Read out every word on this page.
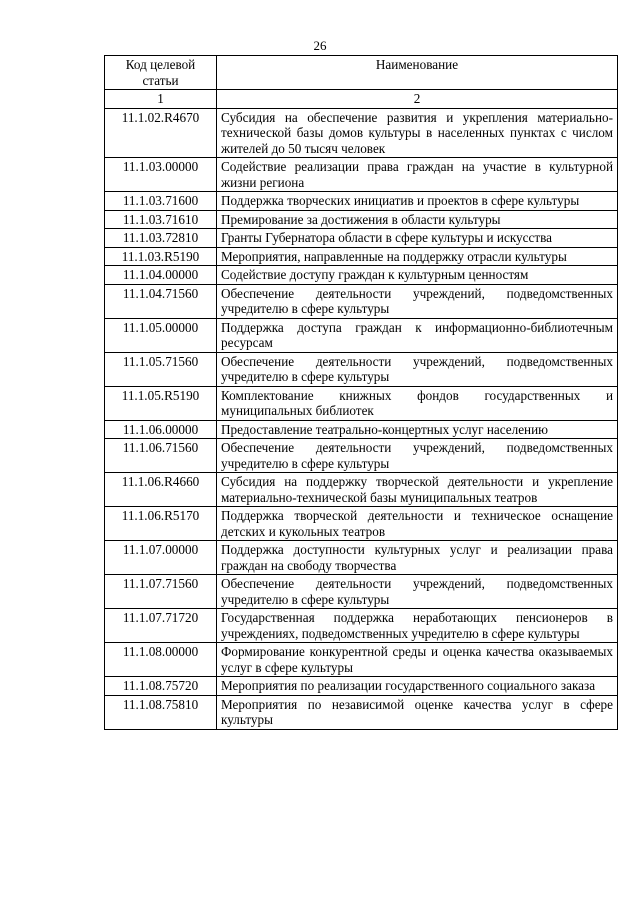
26
Код целевой статьи	Наименование
1	2
11.1.02.R4670	Субсидия на обеспечение развития и укрепления материально-технической базы домов культуры в населенных пунктах с числом жителей до 50 тысяч человек
11.1.03.00000	Содействие реализации права граждан на участие в культурной жизни региона
11.1.03.71600	Поддержка творческих инициатив и проектов в сфере культуры
11.1.03.71610	Премирование за достижения в области культуры
11.1.03.72810	Гранты Губернатора области в сфере культуры и искусства
11.1.03.R5190	Мероприятия, направленные на поддержку отрасли культуры
11.1.04.00000	Содействие доступу граждан к культурным ценностям
11.1.04.71560	Обеспечение деятельности учреждений, подведомственных учредителю в сфере культуры
11.1.05.00000	Поддержка доступа граждан к информационно-библиотечным ресурсам
11.1.05.71560	Обеспечение деятельности учреждений, подведомственных учредителю в сфере культуры
11.1.05.R5190	Комплектование книжных фондов государственных и муниципальных библиотек
11.1.06.00000	Предоставление театрально-концертных услуг населению
11.1.06.71560	Обеспечение деятельности учреждений, подведомственных учредителю в сфере культуры
11.1.06.R4660	Субсидия на поддержку творческой деятельности и укрепление материально-технической базы муниципальных театров
11.1.06.R5170	Поддержка творческой деятельности и техническое оснащение детских и кукольных театров
11.1.07.00000	Поддержка доступности культурных услуг и реализации права граждан на свободу творчества
11.1.07.71560	Обеспечение деятельности учреждений, подведомственных учредителю в сфере культуры
11.1.07.71720	Государственная поддержка неработающих пенсионеров в учреждениях, подведомственных учредителю в сфере культуры
11.1.08.00000	Формирование конкурентной среды и оценка качества оказываемых услуг в сфере культуры
11.1.08.75720	Мероприятия по реализации государственного социального заказа
11.1.08.75810	Мероприятия по независимой оценке качества услуг в сфере культуры
